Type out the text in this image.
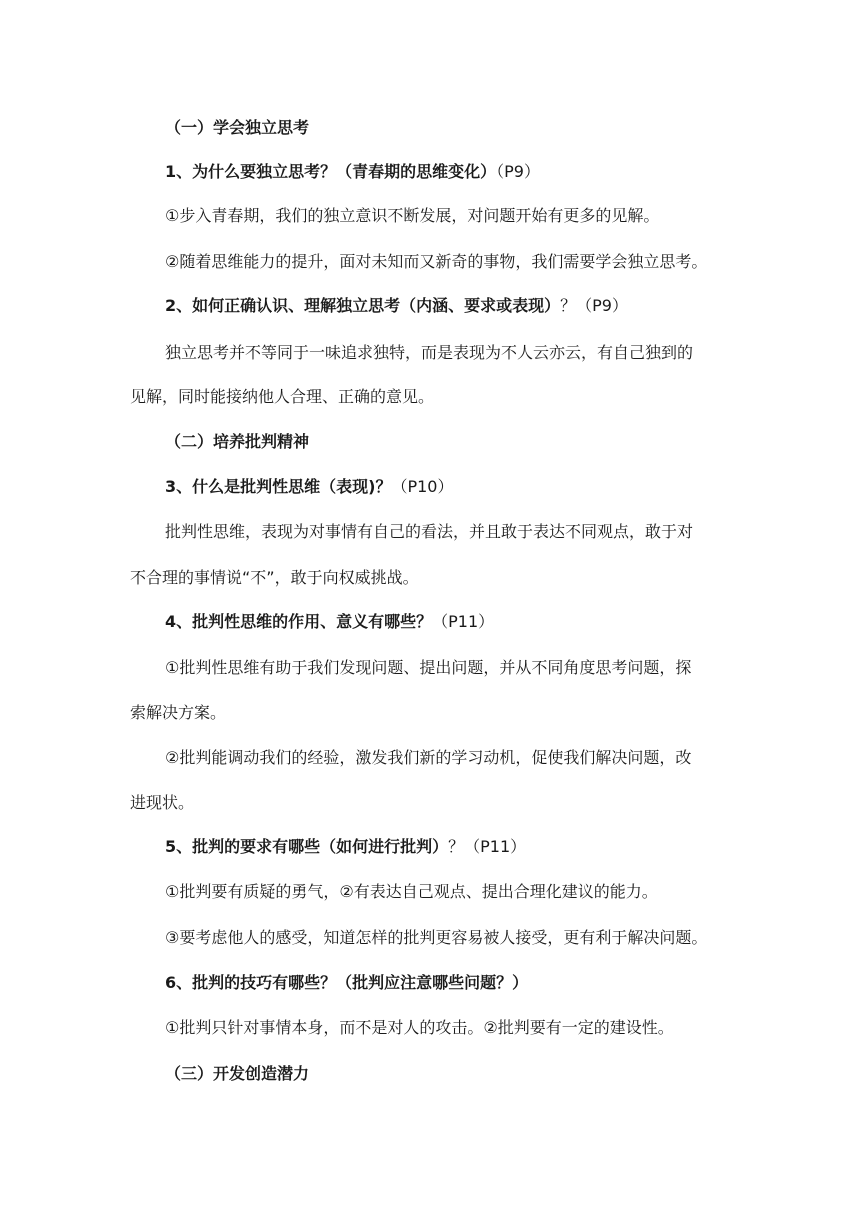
（一）学会独立思考
1、为什么要独立思考？（青春期的思维变化）（P9）
①步入青春期，我们的独立意识不断发展，对问题开始有更多的见解。
②随着思维能力的提升，面对未知而又新奇的事物，我们需要学会独立思考。
2、如何正确认识、理解独立思考（内涵、要求或表现）？（P9）
独立思考并不等同于一味追求独特，而是表现为不人云亦云，有自己独到的
见解，同时能接纳他人合理、正确的意见。
（二）培养批判精神
3、什么是批判性思维（表现)？（P10）
批判性思维，表现为对事情有自己的看法，并且敢于表达不同观点，敢于对
不合理的事情说“不”，敢于向权威挑战。
4、批判性思维的作用、意义有哪些？（P11）
①批判性思维有助于我们发现问题、提出问题，并从不同角度思考问题，探
索解决方案。
②批判能调动我们的经验，激发我们新的学习动机，促使我们解决问题，改
进现状。
5、批判的要求有哪些（如何进行批判）？（P11）
①批判要有质疑的勇气，②有表达自己观点、提出合理化建议的能力。
③要考虑他人的感受，知道怎样的批判更容易被人接受，更有利于解决问题。
6、批判的技巧有哪些？（批判应注意哪些问题？）
①批判只针对事情本身，而不是对人的攻击。②批判要有一定的建设性。
（三）开发创造潜力
